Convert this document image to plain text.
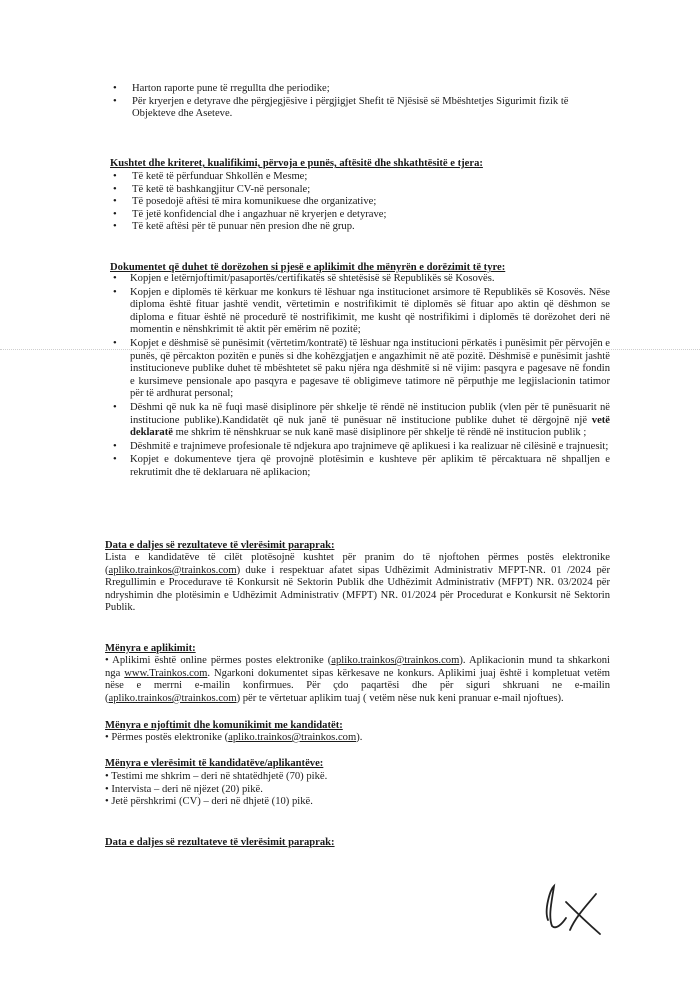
• Harton raporte pune të rregullta dhe periodike;
• Për kryerjen e detyrave dhe përgjegjësive i përgjigjet Shefit të Njësisë së Mbështetjes Sigurimit fizik të Objekteve dhe Aseteve.
Kushtet dhe kriteret, kualifikimi, përvoja e punës, aftësitë dhe shkathtësitë e tjera:
• Të ketë të përfunduar Shkollën e Mesme;
• Të ketë të bashkangjitur CV-në personale;
• Të posedojë aftësi të mira komunikuese dhe organizative;
• Të jetë konfidencial dhe i angazhuar në kryerjen e detyrave;
• Të ketë aftësi për të punuar nën presion dhe në grup.
Dokumentet që duhet të dorëzohen si pjesë e aplikimit dhe mënyrën e dorëzimit të tyre:
• Kopjen e letërnjoftimit/pasaportës/certifikatës së shtetësisë së Republikës së Kosovës.
• Kopjen e diplomës të kërkuar me konkurs të lëshuar nga institucionet arsimore të Republikës së Kosovës. Nëse diploma është fituar jashtë vendit, vërtetimin e nostrifikimit të diplomës së fituar apo aktin që dëshmon se diploma e fituar është në procedurë të nostrifikimit, me kusht që nostrifikimi i diplomës të dorëzohet deri në momentin e nënshkrimit të aktit për emërim në pozitë;
• Kopjet e dëshmisë së punësimit (vërtetim/kontratë) të lëshuar nga institucioni përkatës i punësimit për përvojën e punës, që përcakton pozitën e punës si dhe kohëzgjatjen e angazhimit në atë pozitë. Dëshmisë e punësimit jashtë institucioneve publike duhet të mbështetet së paku njëra nga dëshmitë si në vijim: pasqyra e pagesave në fondin e kursimeve pensionale apo pasqyra e pagesave të obligimeve tatimore në përputhje me legjislacionin tatimor për të ardhurat personal;
• Dëshmi që nuk ka në fuqi masë disiplinore për shkelje të rëndë në institucion publik (vlen për të punësuarit në institucione publike).Kandidatët që nuk janë të punësuar në institucione publike duhet të dërgojnë një vetë deklaratë me shkrim të nënshkruar se nuk kanë masë disiplinore për shkelje të rëndë në institucion publik ;
• Dëshmitë e trajnimeve profesionale të ndjekura apo trajnimeve që aplikuesi i ka realizuar në cilësinë e trajnuesit;
• Kopjet e dokumenteve tjera që provojnë plotësimin e kushteve për aplikim të përcaktuara në shpalljen e rekrutimit dhe të deklaruara në aplikacion;
Data e daljes së rezultateve të vlerësimit paraprak:
Lista e kandidatëve të cilët plotësojnë kushtet për pranim do të njoftohen përmes postës elektronike (apliko.trainkos@trainkos.com) duke i respektuar afatet sipas Udhëzimit Administrativ MFPT-NR. 01 /2024 për Rregullimin e Procedurave të Konkursit në Sektorin Publik dhe Udhëzimit Administrativ (MFPT) NR. 03/2024 për ndryshimin dhe plotësimin e Udhëzimit Administrativ (MFPT) NR. 01/2024 për Procedurat e Konkursit në Sektorin Publik.
Mënyra e aplikimit:
• Aplikimi është online përmes postes elektronike (apliko.trainkos@trainkos.com). Aplikacionin mund ta shkarkoni nga www.Trainkos.com. Ngarkoni dokumentet sipas kërkesave ne konkurs. Aplikimi juaj është i kompletuat vetëm nëse e merrni e-mailin konfirmues. Për çdo paqartësi dhe për siguri shkruani ne e-mailin (apliko.trainkos@trainkos.com) për te vërtetuar aplikim tuaj ( vetëm nëse nuk keni pranuar e-mail njoftues).
Mënyra e njoftimit dhe komunikimit me kandidatët:
• Përmes postës elektronike (apliko.trainkos@trainkos.com).
Mënyra e vlerësimit të kandidatëve/aplikantëve:
• Testimi me shkrim – deri në shtatëdhjetë (70) pikë.
• Intervista – deri në njëzet (20) pikë.
• Jetë përshkrimi (CV) – deri në dhjetë (10) pikë.
Data e daljes së rezultateve të vlerësimit paraprak:
